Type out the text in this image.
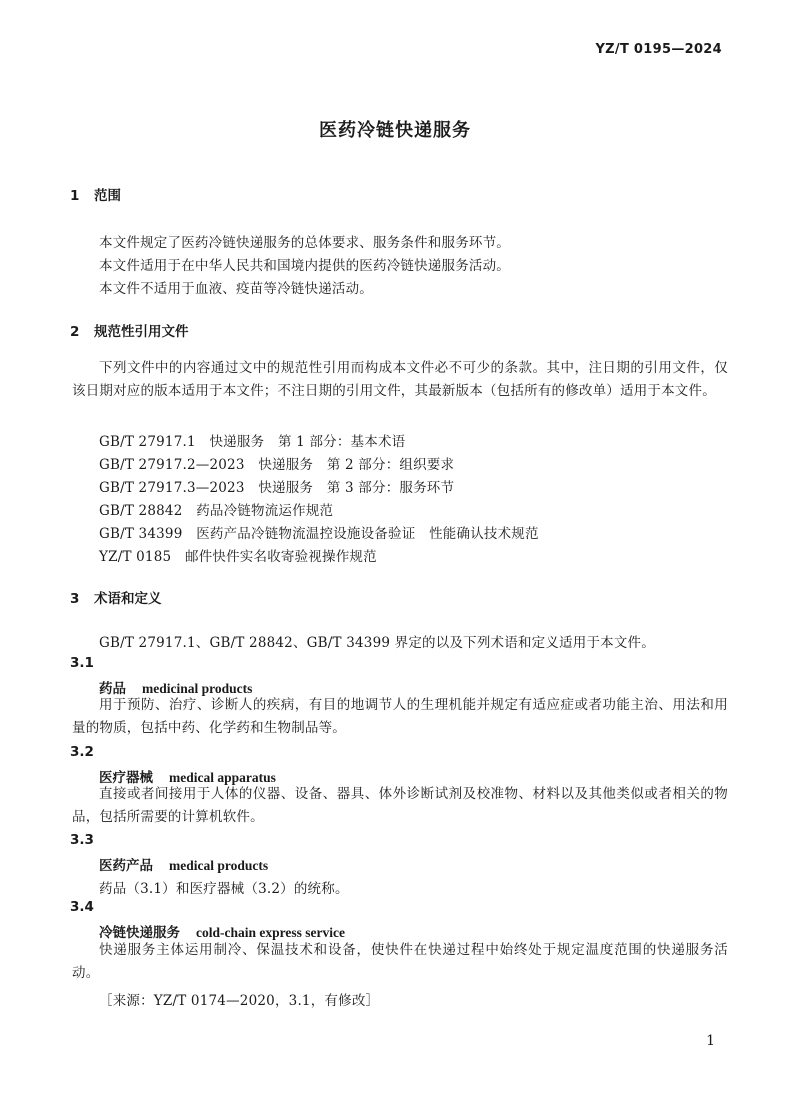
YZ/T 0195—2024
医药冷链快递服务
1 范围
本文件规定了医药冷链快递服务的总体要求、服务条件和服务环节。
本文件适用于在中华人民共和国境内提供的医药冷链快递服务活动。
本文件不适用于血液、疫苗等冷链快递活动。
2 规范性引用文件
下列文件中的内容通过文中的规范性引用而构成本文件必不可少的条款。其中，注日期的引用文件，仅该日期对应的版本适用于本文件；不注日期的引用文件，其最新版本（包括所有的修改单）适用于本文件。
GB/T 27917.1　快递服务　第 1 部分：基本术语
GB/T 27917.2—2023　快递服务　第 2 部分：组织要求
GB/T 27917.3—2023　快递服务　第 3 部分：服务环节
GB/T 28842　药品冷链物流运作规范
GB/T 34399　医药产品冷链物流温控设施设备验证　性能确认技术规范
YZ/T 0185　邮件快件实名收寄验视操作规范
3 术语和定义
GB/T 27917.1、GB/T 28842、GB/T 34399 界定的以及下列术语和定义适用于本文件。
3.1
药品 medicinal products
用于预防、治疗、诊断人的疾病，有目的地调节人的生理机能并规定有适应症或者功能主治、用法和用量的物质，包括中药、化学药和生物制品等。
3.2
医疗器械 medical apparatus
直接或者间接用于人体的仪器、设备、器具、体外诊断试剂及校准物、材料以及其他类似或者相关的物品，包括所需要的计算机软件。
3.3
医药产品 medical products
药品（3.1）和医疗器械（3.2）的统称。
3.4
冷链快递服务 cold-chain express service
快递服务主体运用制冷、保温技术和设备，使快件在快递过程中始终处于规定温度范围的快递服务活动。
［来源：YZ/T 0174—2020，3.1，有修改］
1
